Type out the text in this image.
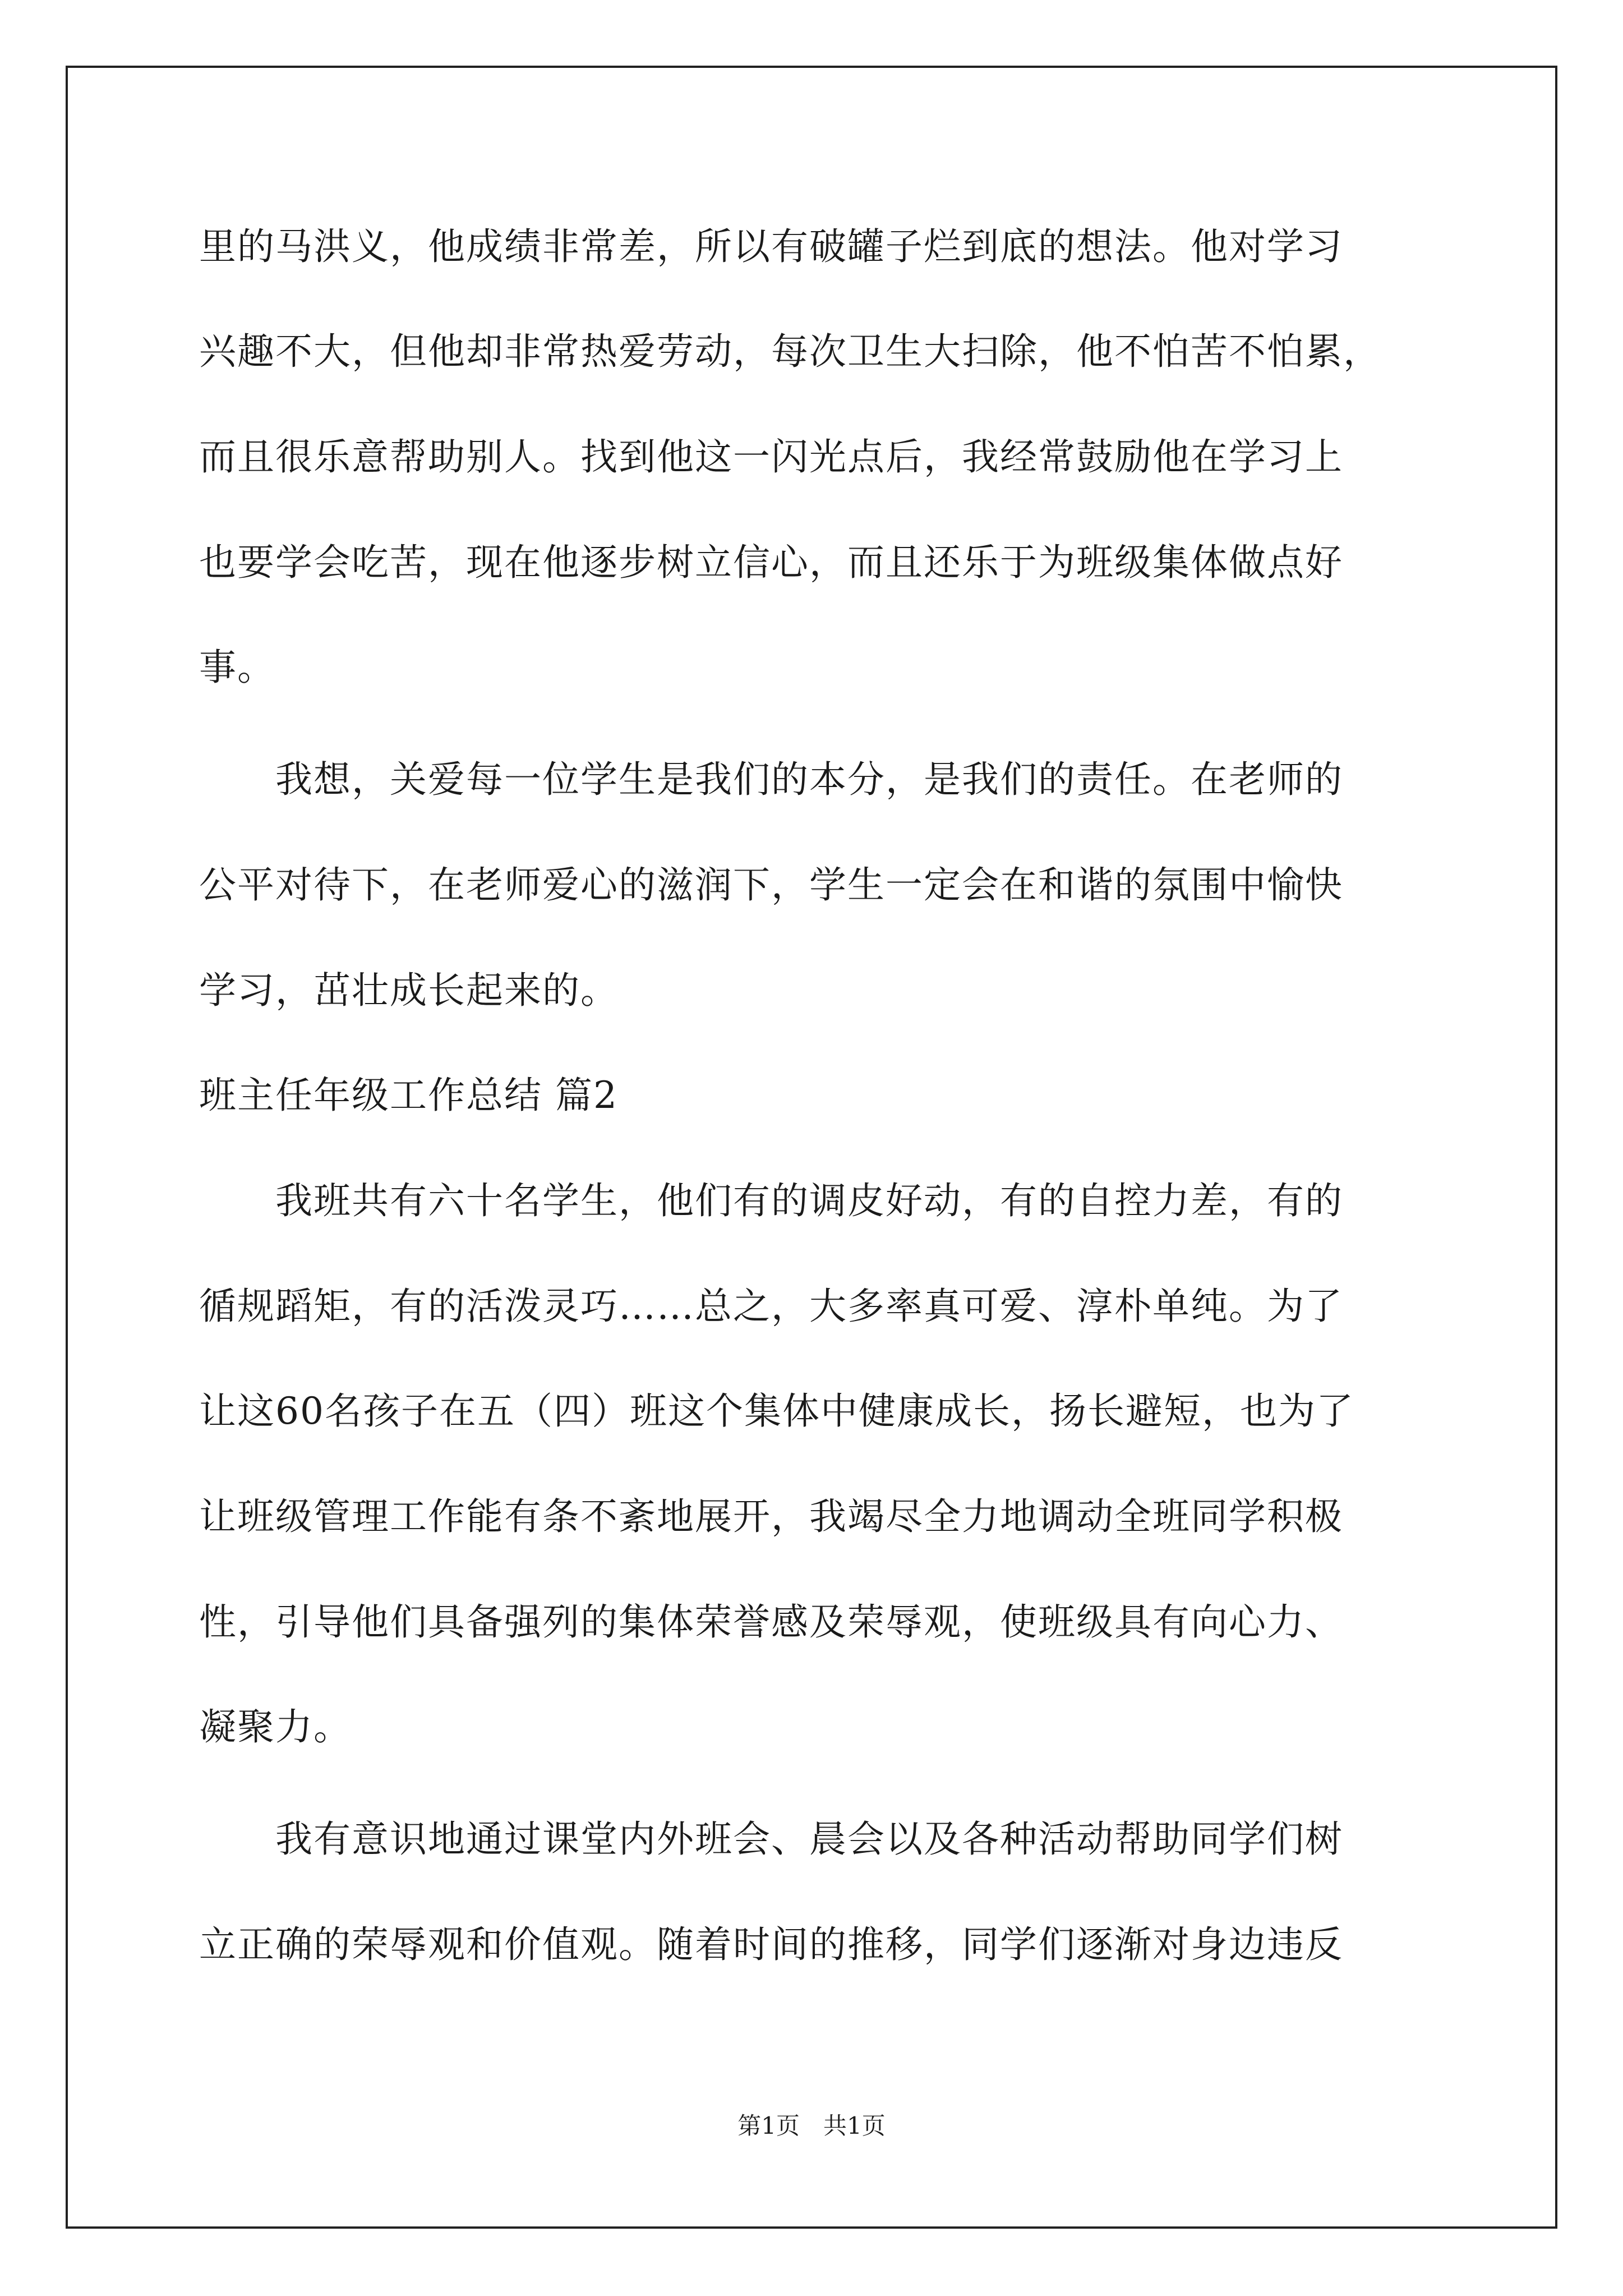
里的马洪义，他成绩非常差，所以有破罐子烂到底的想法。他对学习
兴趣不大，但他却非常热爱劳动，每次卫生大扫除，他不怕苦不怕累，
而且很乐意帮助别人。找到他这一闪光点后，我经常鼓励他在学习上
也要学会吃苦，现在他逐步树立信心，而且还乐于为班级集体做点好
事。
　　我想，关爱每一位学生是我们的本分，是我们的责任。在老师的
公平对待下，在老师爱心的滋润下，学生一定会在和谐的氛围中愉快
学习，茁壮成长起来的。
班主任年级工作总结 篇2
　　我班共有六十名学生，他们有的调皮好动，有的自控力差，有的
循规蹈矩，有的活泼灵巧……总之，大多率真可爱、淳朴单纯。为了
让这60名孩子在五（四）班这个集体中健康成长，扬长避短，也为了
让班级管理工作能有条不紊地展开，我竭尽全力地调动全班同学积极
性，引导他们具备强列的集体荣誉感及荣辱观，使班级具有向心力、
凝聚力。
　　我有意识地通过课堂内外班会、晨会以及各种活动帮助同学们树
立正确的荣辱观和价值观。随着时间的推移，同学们逐渐对身边违反
第1页　共1页
